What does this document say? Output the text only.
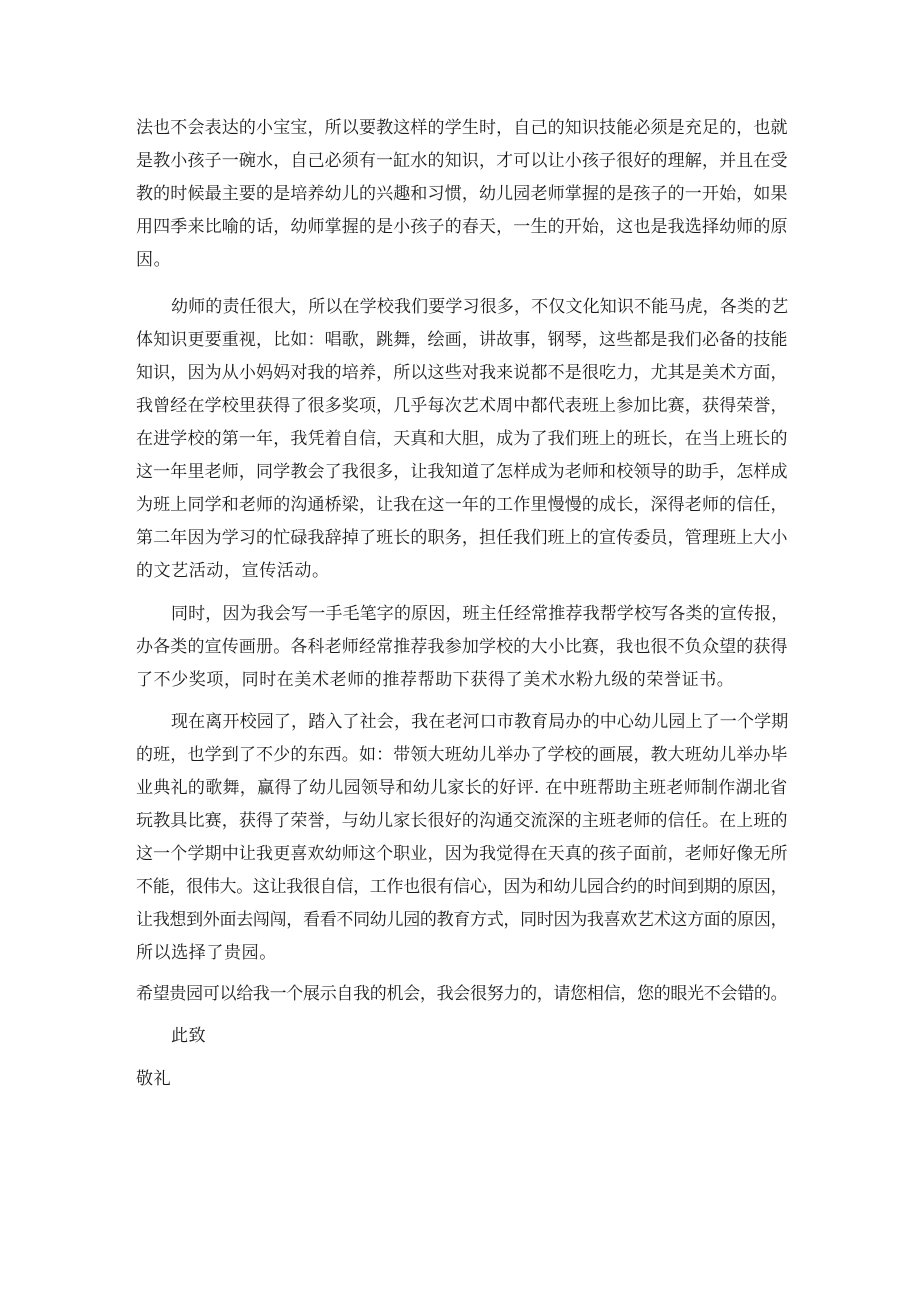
法也不会表达的小宝宝，所以要教这样的学生时，自己的知识技能必须是充足的，也就
是教小孩子一碗水，自己必须有一缸水的知识，才可以让小孩子很好的理解，并且在受
教的时候最主要的是培养幼儿的兴趣和习惯，幼儿园老师掌握的是孩子的一开始，如果
用四季来比喻的话，幼师掌握的是小孩子的春天，一生的开始，这也是我选择幼师的原
因。
幼师的责任很大，所以在学校我们要学习很多，不仅文化知识不能马虎，各类的艺
体知识更要重视，比如：唱歌，跳舞，绘画，讲故事，钢琴，这些都是我们必备的技能
知识，因为从小妈妈对我的培养，所以这些对我来说都不是很吃力，尤其是美术方面，
我曾经在学校里获得了很多奖项，几乎每次艺术周中都代表班上参加比赛，获得荣誉，
在进学校的第一年，我凭着自信，天真和大胆，成为了我们班上的班长，在当上班长的
这一年里老师，同学教会了我很多，让我知道了怎样成为老师和校领导的助手，怎样成
为班上同学和老师的沟通桥梁，让我在这一年的工作里慢慢的成长，深得老师的信任，
第二年因为学习的忙碌我辞掉了班长的职务，担任我们班上的宣传委员，管理班上大小
的文艺活动，宣传活动。
同时，因为我会写一手毛笔字的原因，班主任经常推荐我帮学校写各类的宣传报，
办各类的宣传画册。各科老师经常推荐我参加学校的大小比赛，我也很不负众望的获得
了不少奖项，同时在美术老师的推荐帮助下获得了美术水粉九级的荣誉证书。
现在离开校园了，踏入了社会，我在老河口市教育局办的中心幼儿园上了一个学期
的班，也学到了不少的东西。如：带领大班幼儿举办了学校的画展，教大班幼儿举办毕
业典礼的歌舞，赢得了幼儿园领导和幼儿家长的好评. 在中班帮助主班老师制作湖北省
玩教具比赛，获得了荣誉，与幼儿家长很好的沟通交流深的主班老师的信任。在上班的
这一个学期中让我更喜欢幼师这个职业，因为我觉得在天真的孩子面前，老师好像无所
不能，很伟大。这让我很自信，工作也很有信心，因为和幼儿园合约的时间到期的原因，
让我想到外面去闯闯，看看不同幼儿园的教育方式，同时因为我喜欢艺术这方面的原因，
所以选择了贵园。
希望贵园可以给我一个展示自我的机会，我会很努力的，请您相信，您的眼光不会错的。
此致
敬礼
